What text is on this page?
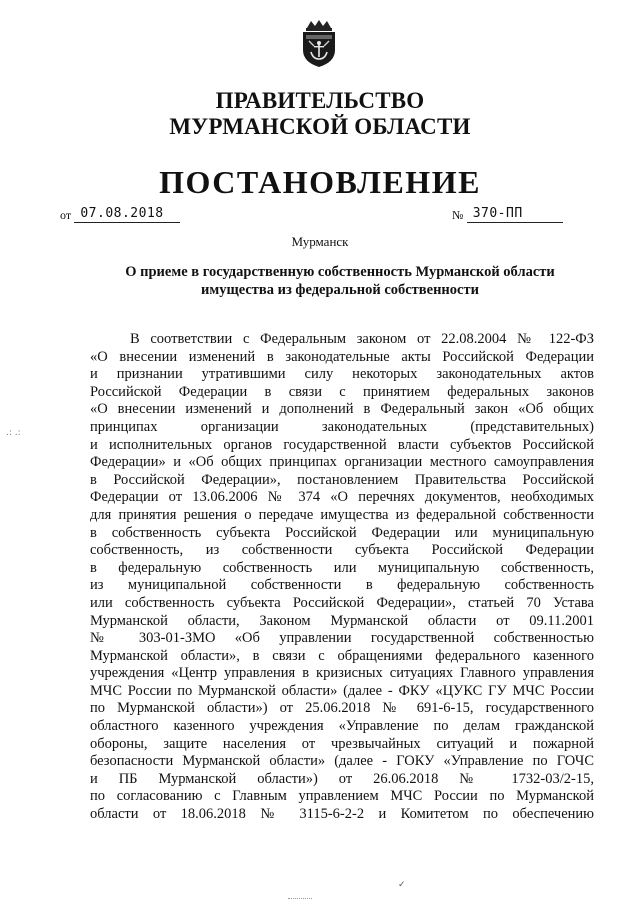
ПРАВИТЕЛЬСТВО
МУРМАНСКОЙ ОБЛАСТИ
ПОСТАНОВЛЕНИЕ
от 07.08.2018	№ 370-ПП
Мурманск
О приеме в государственную собственность Мурманской области
имущества из федеральной собственности
В соответствии с Федеральным законом от 22.08.2004 № 122-ФЗ
«О внесении изменений в законодательные акты Российской Федерации
и признании утратившими силу некоторых законодательных актов
Российской Федерации в связи с принятием федеральных законов
«О внесении изменений и дополнений в Федеральный закон «Об общих
принципах организации законодательных (представительных)
и исполнительных органов государственной власти субъектов Российской
Федерации» и «Об общих принципах организации местного самоуправления
в Российской Федерации», постановлением Правительства Российской
Федерации от 13.06.2006 № 374 «О перечнях документов, необходимых
для принятия решения о передаче имущества из федеральной собственности
в собственность субъекта Российской Федерации или муниципальную
собственность, из собственности субъекта Российской Федерации
в федеральную собственность или муниципальную собственность,
из муниципальной собственности в федеральную собственность
или собственность субъекта Российской Федерации», статьей 70 Устава
Мурманской области, Законом Мурманской области от 09.11.2001
№ 303-01-ЗМО «Об управлении государственной собственностью
Мурманской области», в связи с обращениями федерального казенного
учреждения «Центр управления в кризисных ситуациях Главного управления
МЧС России по Мурманской области» (далее - ФКУ «ЦУКС ГУ МЧС России
по Мурманской области») от 25.06.2018 № 691-6-15, государственного
областного казенного учреждения «Управление по делам гражданской
обороны, защите населения от чрезвычайных ситуаций и пожарной
безопасности Мурманской области» (далее - ГОКУ «Управление по ГОЧС
и ПБ Мурманской области») от 26.06.2018 № 1732-03/2-15,
по согласованию с Главным управлением МЧС России по Мурманской
области от 18.06.2018 № 3115-6-2-2 и Комитетом по обеспечению
.: .:
✓
